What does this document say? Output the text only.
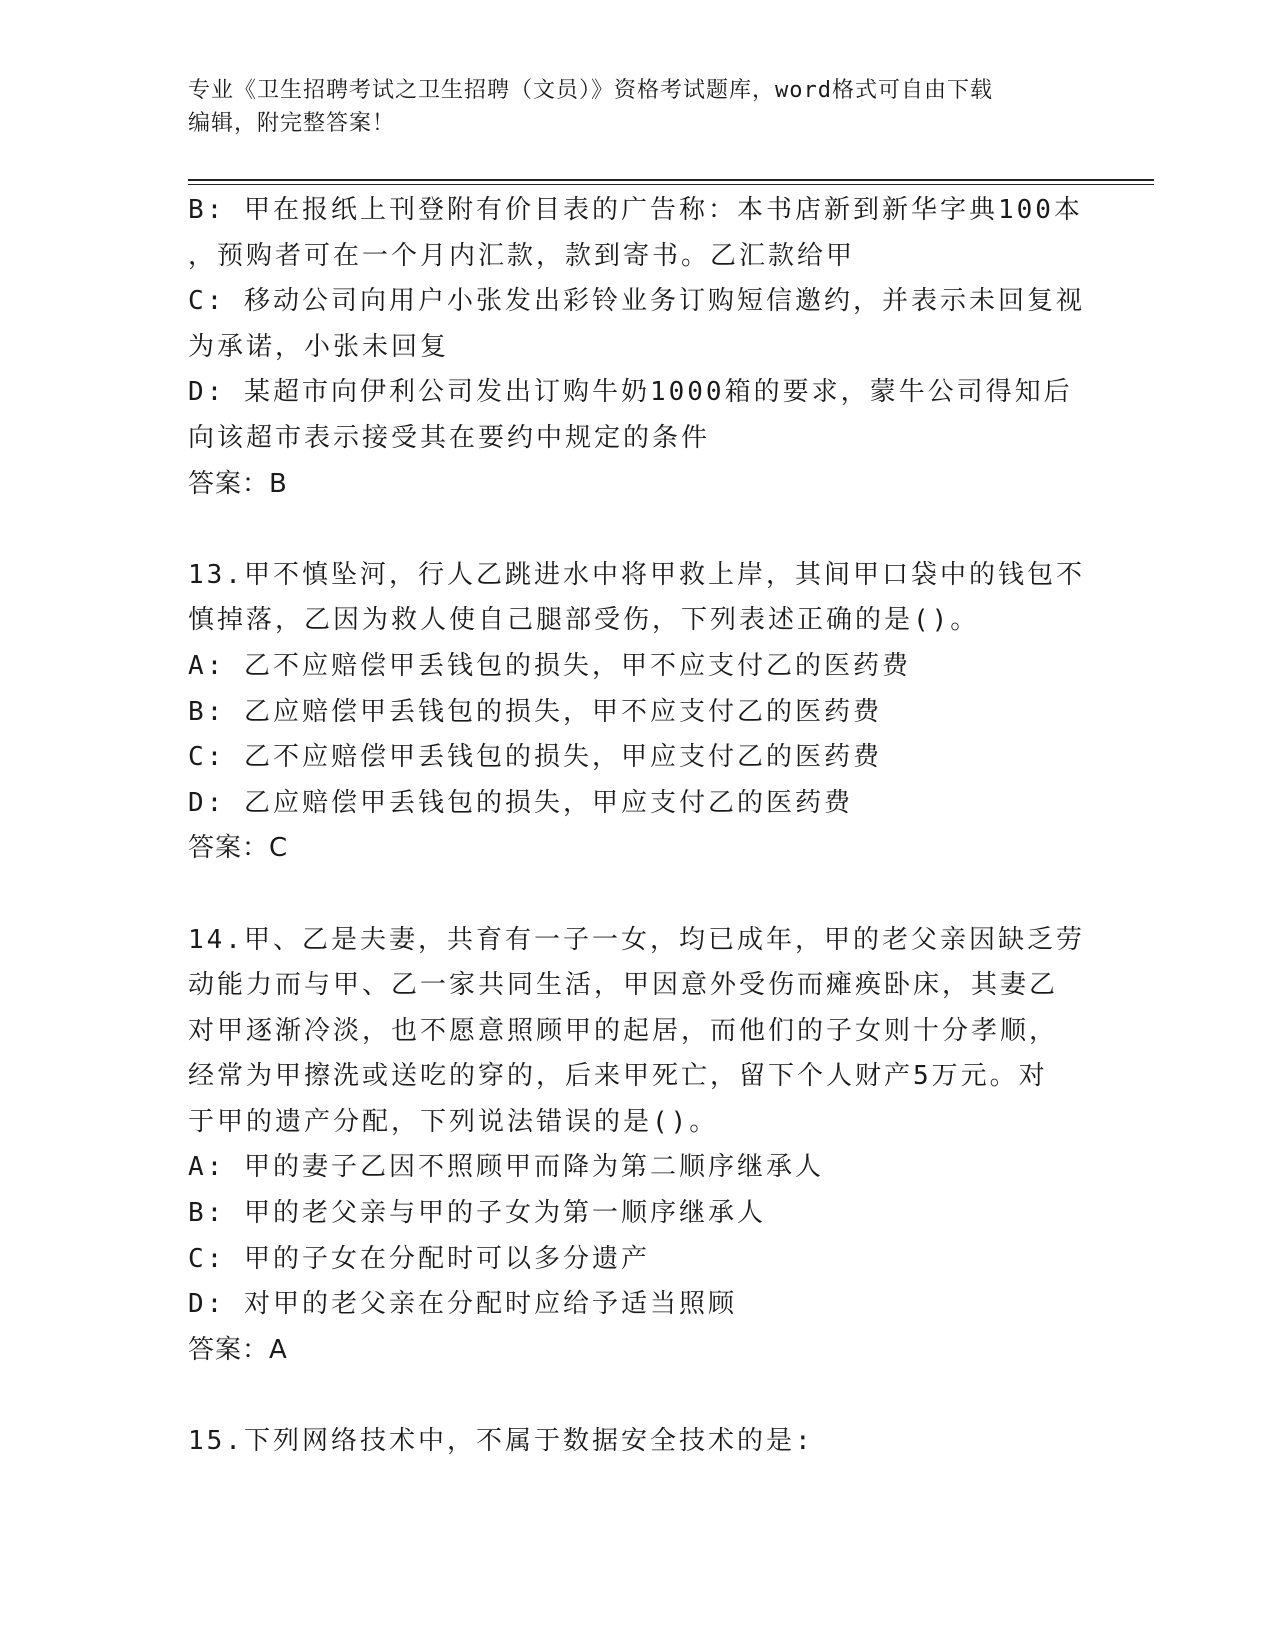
专业《卫生招聘考试之卫生招聘（文员）》资格考试题库，word格式可自由下载
编辑，附完整答案！
B: 甲在报纸上刊登附有价目表的广告称：本书店新到新华字典100本
，预购者可在一个月内汇款，款到寄书。乙汇款给甲
C: 移动公司向用户小张发出彩铃业务订购短信邀约，并表示未回复视
为承诺，小张未回复
D: 某超市向伊利公司发出订购牛奶1000箱的要求，蒙牛公司得知后
向该超市表示接受其在要约中规定的条件
答案：B
13.甲不慎坠河，行人乙跳进水中将甲救上岸，其间甲口袋中的钱包不
慎掉落，乙因为救人使自己腿部受伤，下列表述正确的是()。
A: 乙不应赔偿甲丢钱包的损失，甲不应支付乙的医药费
B: 乙应赔偿甲丢钱包的损失，甲不应支付乙的医药费
C: 乙不应赔偿甲丢钱包的损失，甲应支付乙的医药费
D: 乙应赔偿甲丢钱包的损失，甲应支付乙的医药费
答案：C
14.甲、乙是夫妻，共育有一子一女，均已成年，甲的老父亲因缺乏劳
动能力而与甲、乙一家共同生活，甲因意外受伤而瘫痪卧床，其妻乙
对甲逐渐冷淡，也不愿意照顾甲的起居，而他们的子女则十分孝顺，
经常为甲擦洗或送吃的穿的，后来甲死亡，留下个人财产5万元。对
于甲的遗产分配，下列说法错误的是()。
A: 甲的妻子乙因不照顾甲而降为第二顺序继承人
B: 甲的老父亲与甲的子女为第一顺序继承人
C: 甲的子女在分配时可以多分遗产
D: 对甲的老父亲在分配时应给予适当照顾
答案：A
15.下列网络技术中，不属于数据安全技术的是:
